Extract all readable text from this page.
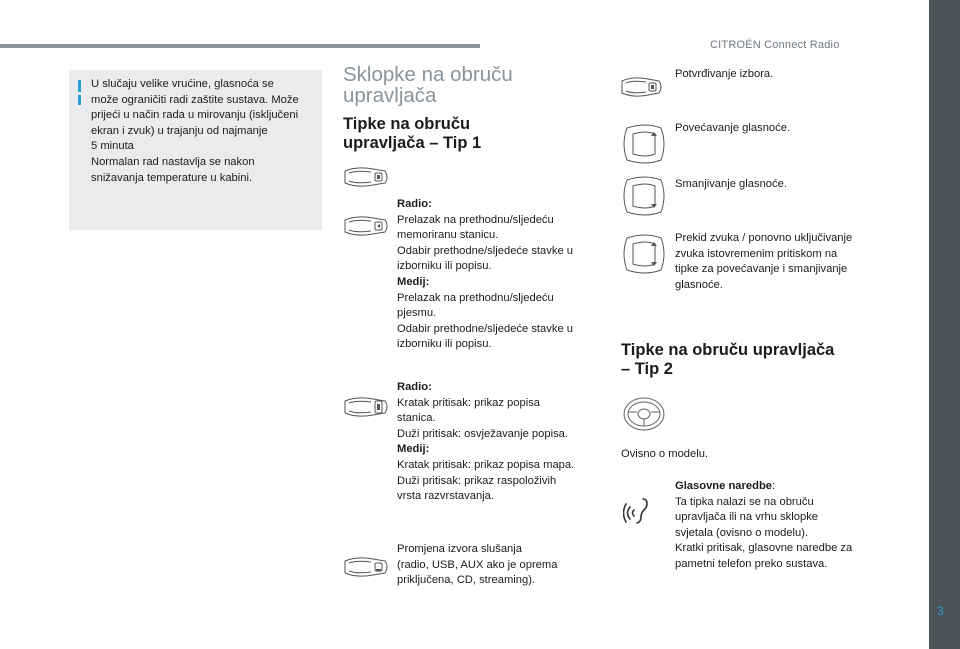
CITROËN Connect Radio
3

U slučaju velike vrućine, glasnoća se

može ograničiti radi zaštite sustava. Može

prijeći u način rada u mirovanju (isključeni

ekran i zvuk) u trajanju od najmanje

5 minuta

Normalan rad nastavlja se nakon

snižavanja temperature u kabini.

Sklopke na obruču
upravljača
Tipke na obruču
upravljača – Tip 1
Radio:
Prelazak na prethodnu/sljedeću
memoriranu stanicu.
Odabir prethodne/sljedeće stavke u
izborniku ili popisu.
Medij:
Prelazak na prethodnu/sljedeću
pjesmu.
Odabir prethodne/sljedeće stavke u
izborniku ili popisu.
Radio:
Kratak pritisak: prikaz popisa
stanica.
Duži pritisak: osvježavanje popisa.
Medij:
Kratak pritisak: prikaz popisa mapa.
Duži pritisak: prikaz raspoloživih
vrsta razvrstavanja.
Promjena izvora slušanja
(radio, USB, AUX ako je oprema
priključena, CD, streaming).
Potvrđivanje izbora.
Povećavanje glasnoće.
Smanjivanje glasnoće.
Prekid zvuka / ponovno uključivanje
zvuka istovremenim pritiskom na
tipke za povećavanje i smanjivanje
glasnoće.
Tipke na obruču upravljača
– Tip 2
Ovisno o modelu.
Glasovne naredbe:
Ta tipka nalazi se na obruču
upravljača ili na vrhu sklopke
svjetala (ovisno o modelu).
Kratki pritisak, glasovne naredbe za
pametni telefon preko sustava.
